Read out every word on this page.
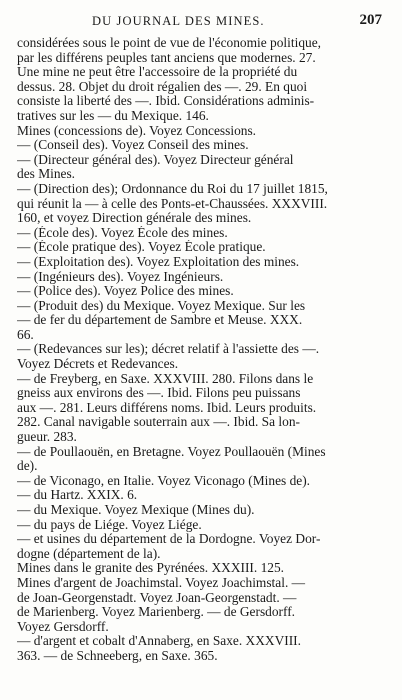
DU JOURNAL DES MINES.	207
considérées sous le point de vue de l'économie politique,
par les différens peuples tant anciens que modernes. 27.
Une mine ne peut être l'accessoire de la propriété du
dessus. 28. Objet du droit régalien des —. 29. En quoi
consiste la liberté des —. Ibid. Considérations adminis-
tratives sur les — du Mexique. 146.
Mines (concessions de). Voyez Concessions.
— (Conseil des). Voyez Conseil des mines.
— (Directeur général des). Voyez Directeur général
des Mines.
— (Direction des); Ordonnance du Roi du 17 juillet 1815,
qui réunit la — à celle des Ponts-et-Chaussées. XXXVIII.
160, et voyez Direction générale des mines.
— (École des). Voyez École des mines.
— (École pratique des). Voyez École pratique.
— (Exploitation des). Voyez Exploitation des mines.
— (Ingénieurs des). Voyez Ingénieurs.
— (Police des). Voyez Police des mines.
— (Produit des) du Mexique. Voyez Mexique. Sur les
— de fer du département de Sambre et Meuse. XXX.
66.
— (Redevances sur les); décret relatif à l'assiette des —.
Voyez Décrets et Redevances.
— de Freyberg, en Saxe. XXXVIII. 280. Filons dans le
gneiss aux environs des —. Ibid. Filons peu puissans
aux —. 281. Leurs différens noms. Ibid. Leurs produits.
282. Canal navigable souterrain aux —. Ibid. Sa lon-
gueur. 283.
— de Poullaouën, en Bretagne. Voyez Poullaouën (Mines
de).
— de Viconago, en Italie. Voyez Viconago (Mines de).
— du Hartz. XXIX. 6.
— du Mexique. Voyez Mexique (Mines du).
— du pays de Liége. Voyez Liége.
— et usines du département de la Dordogne. Voyez Dor-
dogne (département de la).
Mines dans le granite des Pyrénées. XXXIII. 125.
Mines d'argent de Joachimstal. Voyez Joachimstal. —
de Joan-Georgenstadt. Voyez Joan-Georgenstadt. —
de Marienberg. Voyez Marienberg. — de Gersdorff.
Voyez Gersdorff.
— d'argent et cobalt d'Annaberg, en Saxe. XXXVIII.
363. — de Schneeberg, en Saxe. 365.
